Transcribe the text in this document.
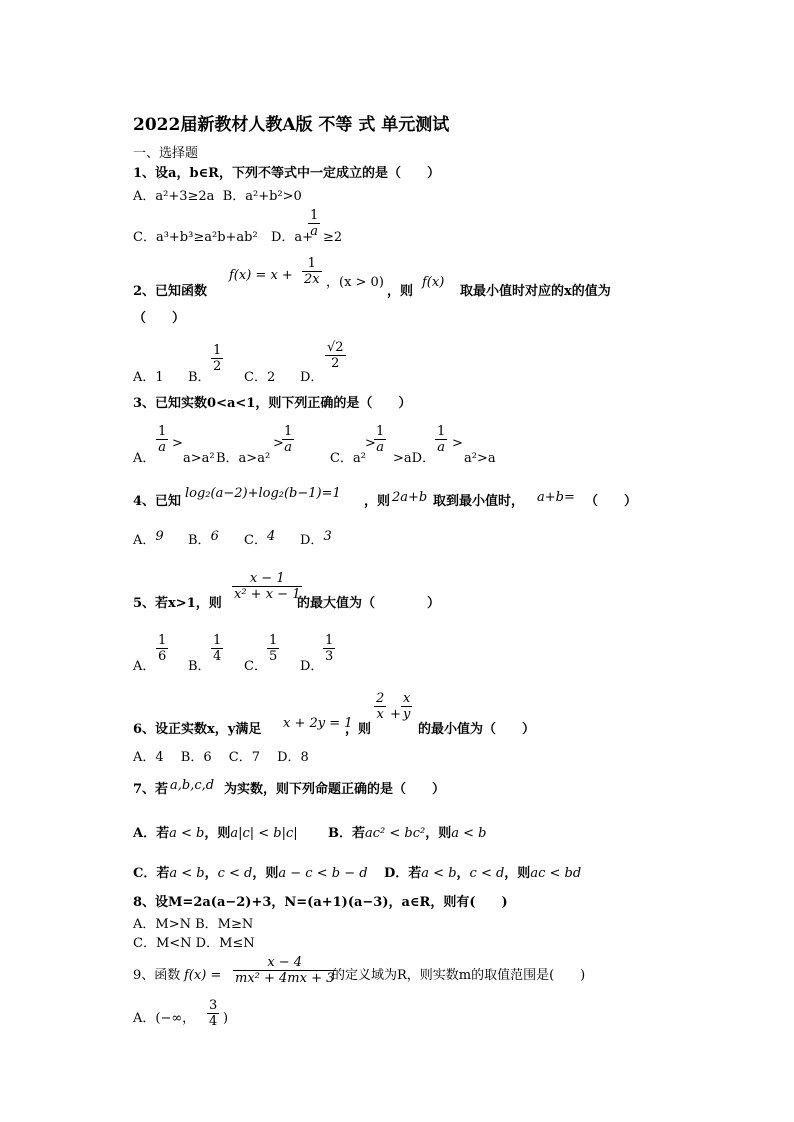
2022届新教材人教A版 不等 式 单元测试
一、选择题
1、设a，b∈R，下列不等式中一定成立的是（　　）
A．a²+3≥2a B．a²+b²>0
C．a³+b³≥a²b+ab² D．a+
$\frac{1}{a} \ge 2$
2、已知函数
$f(x) = x + \frac{1}{2x}$ ，(x > 0)
，则
f(x)
取最小值时对应的x的值为
（　　）
A．1 B．
$\frac{1}{2}$
C．2 D．
$\frac{√2}{2}$
3、已知实数0<a<1，则下列正确的是（　　）
A．
$\frac{1}{a}$ >
a>a² B．a>a²
>
$\frac{1}{a}$
C．a²
>
$\frac{1}{a}$
>aD．
$\frac{1}{a}$ >
a²>a
4、已知
log₂(a−2)+log₂(b−1)=1
，则 2a+b 取到最小值时， a+b= （　　）
A．9 B．6 C．4 D．3
5、若x>1，则
$\frac{x - 1}{\text{x² + x − 1}}$
的最大值为（　　　　）
A．
$\frac{1}{6}$
B．
$\frac{1}{4}$
C．
$\frac{1}{5}$
D．
$\frac{1}{3}$
6、设正实数x，y满足 x + 2y = 1
，则
$\frac{2}{x} + \frac{x}{y}$
的最小值为（　　）
A．4　 B．6　 C．7　 D．8
7、若 a,b,c,d 为实数，则下列命题正确的是（　　）
A．若a < b，则a|c| < b|c| B．若ac² < bc²，则a < b
C．若a < b，c < d，则a − c < b − d D．若a < b，c < d，则ac < bd
8、设M=2a(a−2)+3，N=(a+1)(a−3)，a∈R，则有(　　)
A．M>N B．M≥N
C．M<N D．M≤N
9、函数 $f(x) = \frac{x - 4}{\text{mx² + 4mx + 3}}$
的定义域为R，则实数m的取值范围是(　　)
A．(−∞， $\frac{3}{4}$ )
